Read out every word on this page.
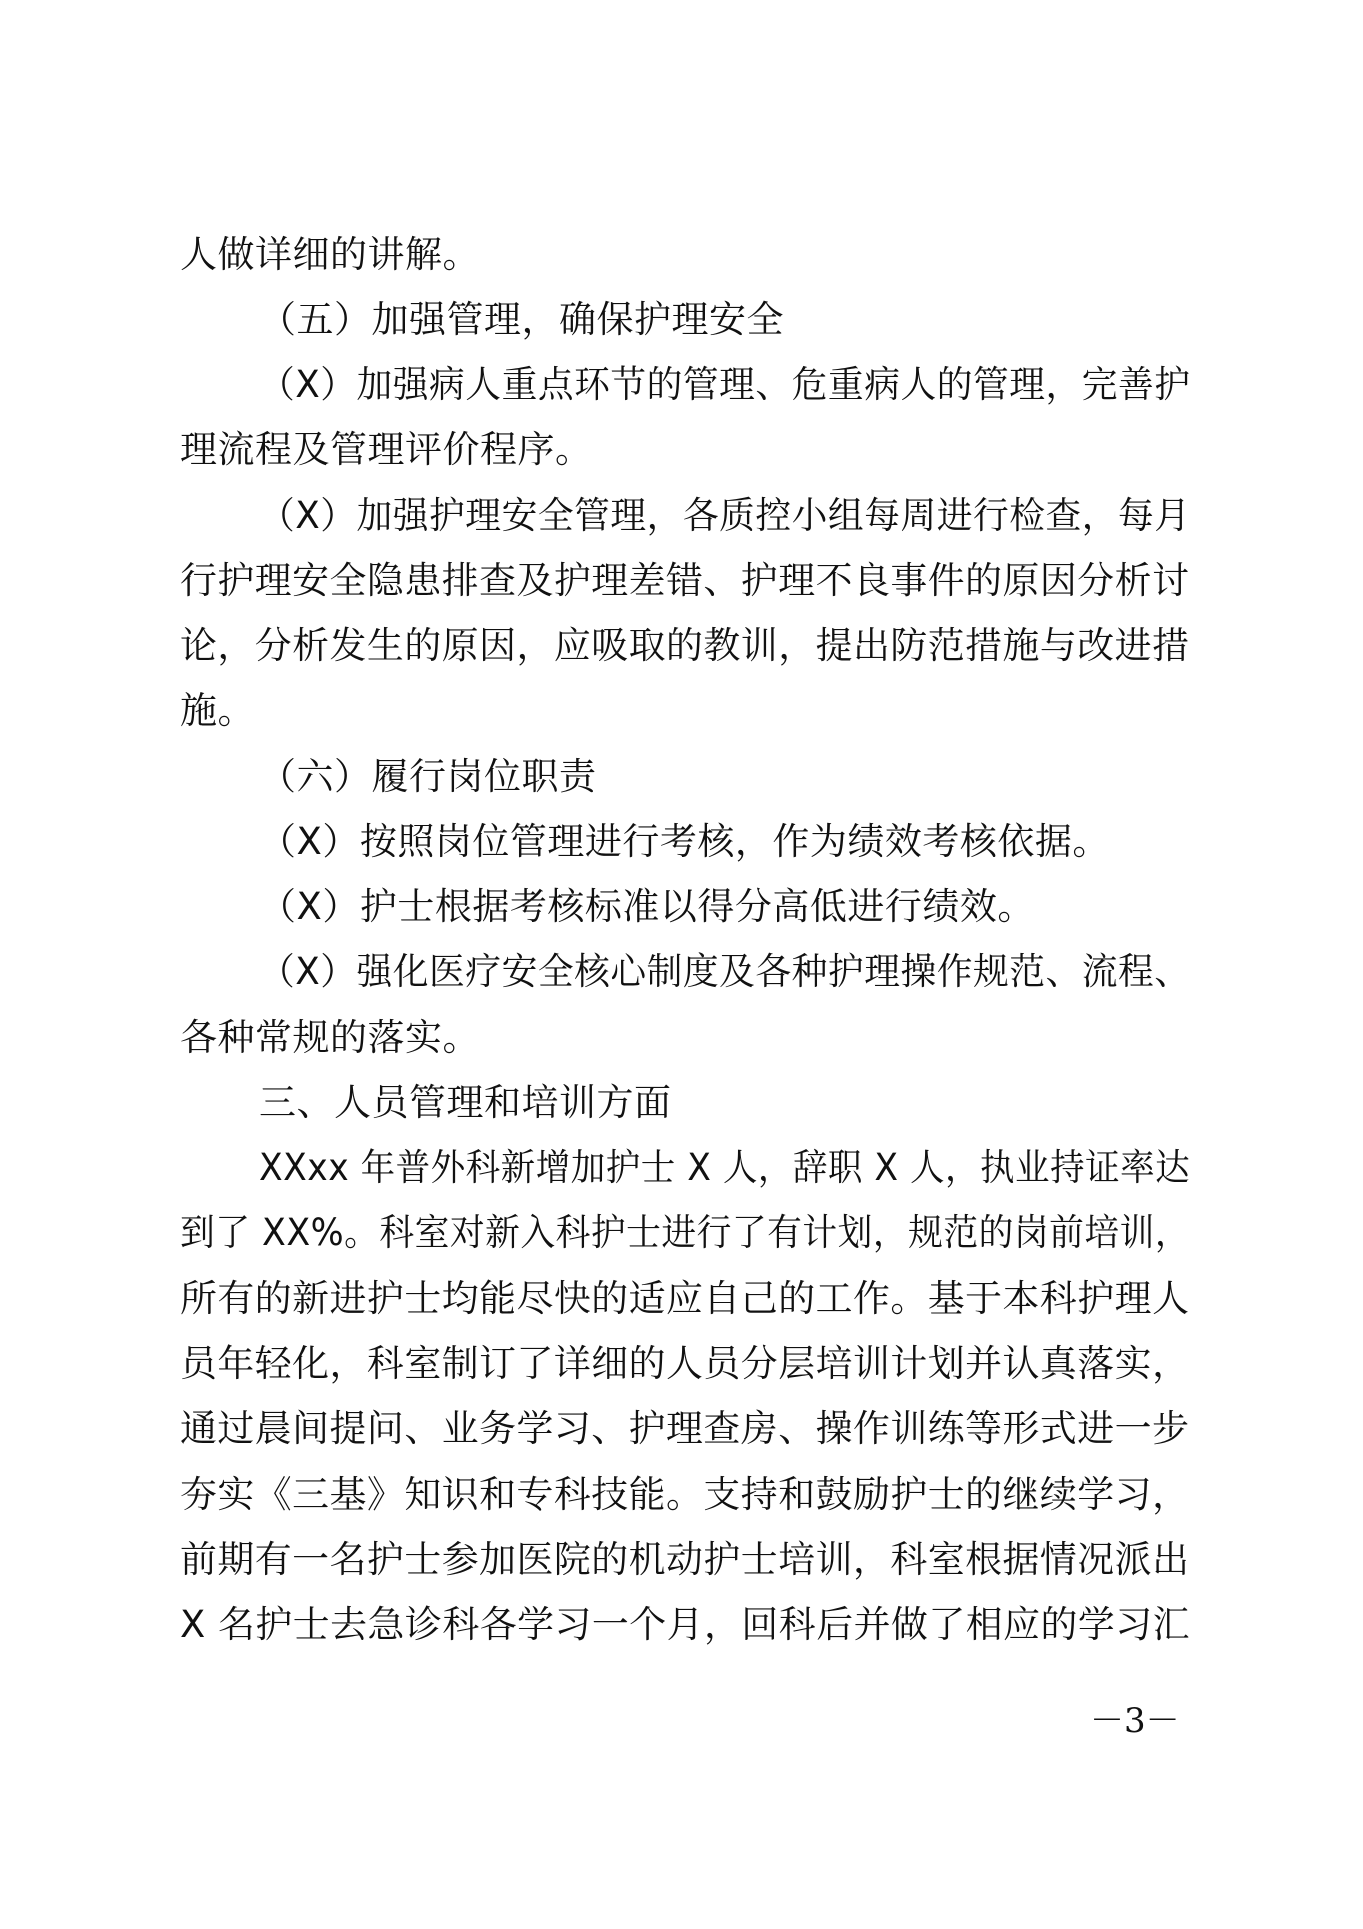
人做详细的讲解。
（五）加强管理，确保护理安全
（X）加强病人重点环节的管理、危重病人的管理，完善护
理流程及管理评价程序。
（X）加强护理安全管理，各质控小组每周进行检查，每月
行护理安全隐患排查及护理差错、护理不良事件的原因分析讨
论，分析发生的原因，应吸取的教训，提出防范措施与改进措
施。
（六）履行岗位职责
（X）按照岗位管理进行考核，作为绩效考核依据。
（X）护士根据考核标准以得分高低进行绩效。
（X）强化医疗安全核心制度及各种护理操作规范、流程、
各种常规的落实。
三、人员管理和培训方面
XXxx 年普外科新增加护士 X 人，辞职 X 人，执业持证率达
到了 XX%。科室对新入科护士进行了有计划，规范的岗前培训，
所有的新进护士均能尽快的适应自己的工作。基于本科护理人
员年轻化，科室制订了详细的人员分层培训计划并认真落实，
通过晨间提问、业务学习、护理查房、操作训练等形式进一步
夯实《三基》知识和专科技能。支持和鼓励护士的继续学习，
前期有一名护士参加医院的机动护士培训，科室根据情况派出
X 名护士去急诊科各学习一个月，回科后并做了相应的学习汇
－3－
